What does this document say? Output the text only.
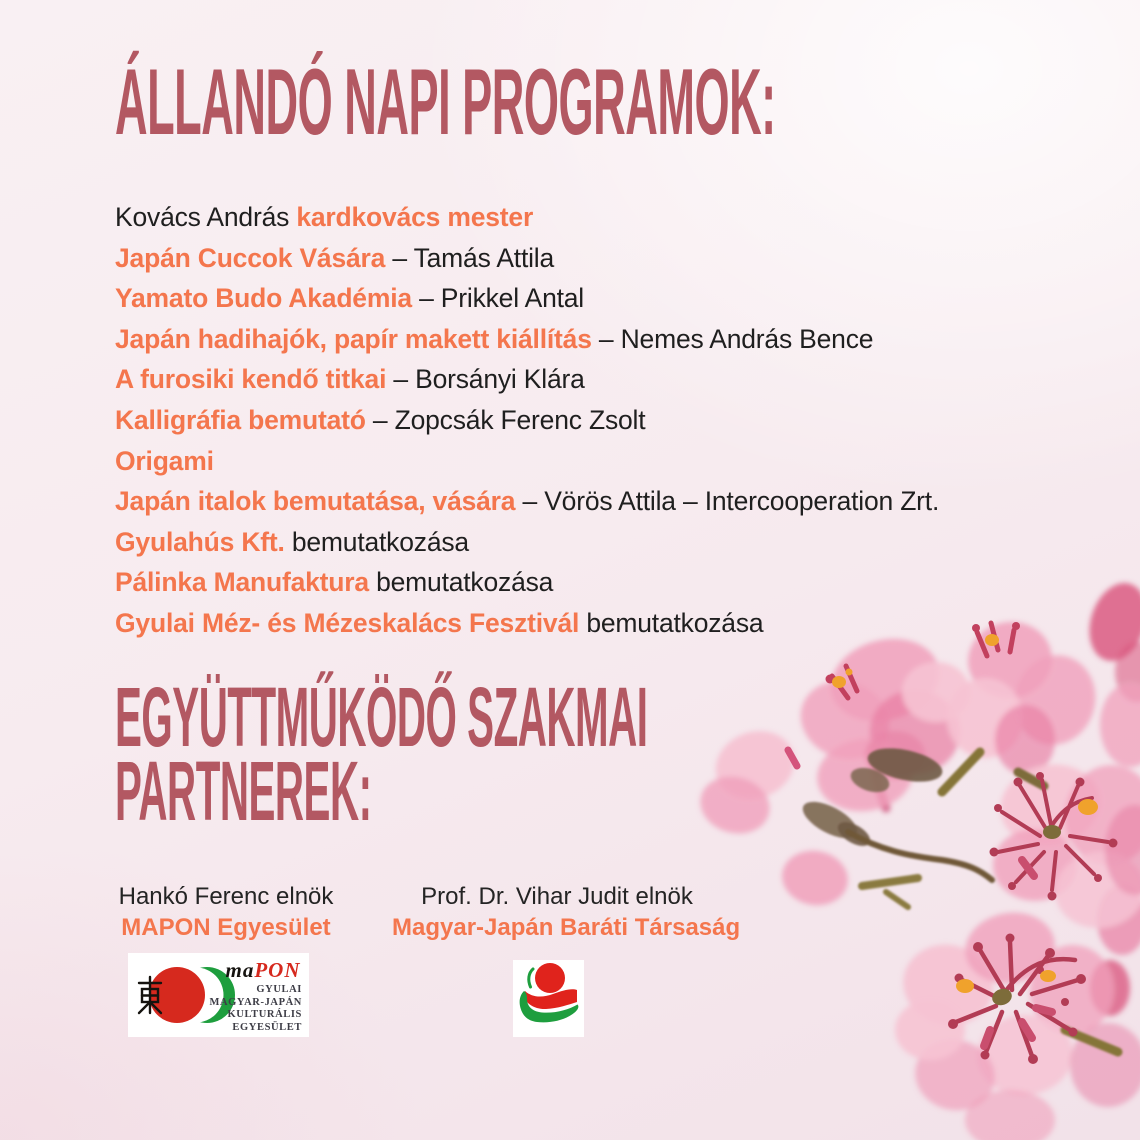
ÁLLANDÓ NAPI PROGRAMOK:
Kovács András kardkovács mester
Japán Cuccok Vására – Tamás Attila
Yamato Budo Akadémia – Prikkel Antal
Japán hadihajók, papír makett kiállítás – Nemes András Bence
A furosiki kendő titkai – Borsányi Klára
Kalligráfia bemutató – Zopcsák Ferenc Zsolt
Origami
Japán italok bemutatása, vására – Vörös Attila – Intercooperation Zrt.
Gyulahús Kft. bemutatkozása
Pálinka Manufaktura bemutatkozása
Gyulai Méz- és Mézeskalács Fesztivál bemutatkozása
EGYÜTTMŰKÖDŐ SZAKMAI
PARTNEREK:
Hankó Ferenc elnök
MAPON Egyesület
Prof. Dr. Vihar Judit elnök
Magyar-Japán Baráti Társaság
maPON
GYULAI
MAGYAR-JAPÁN
KULTURÁLIS
EGYESÜLET
